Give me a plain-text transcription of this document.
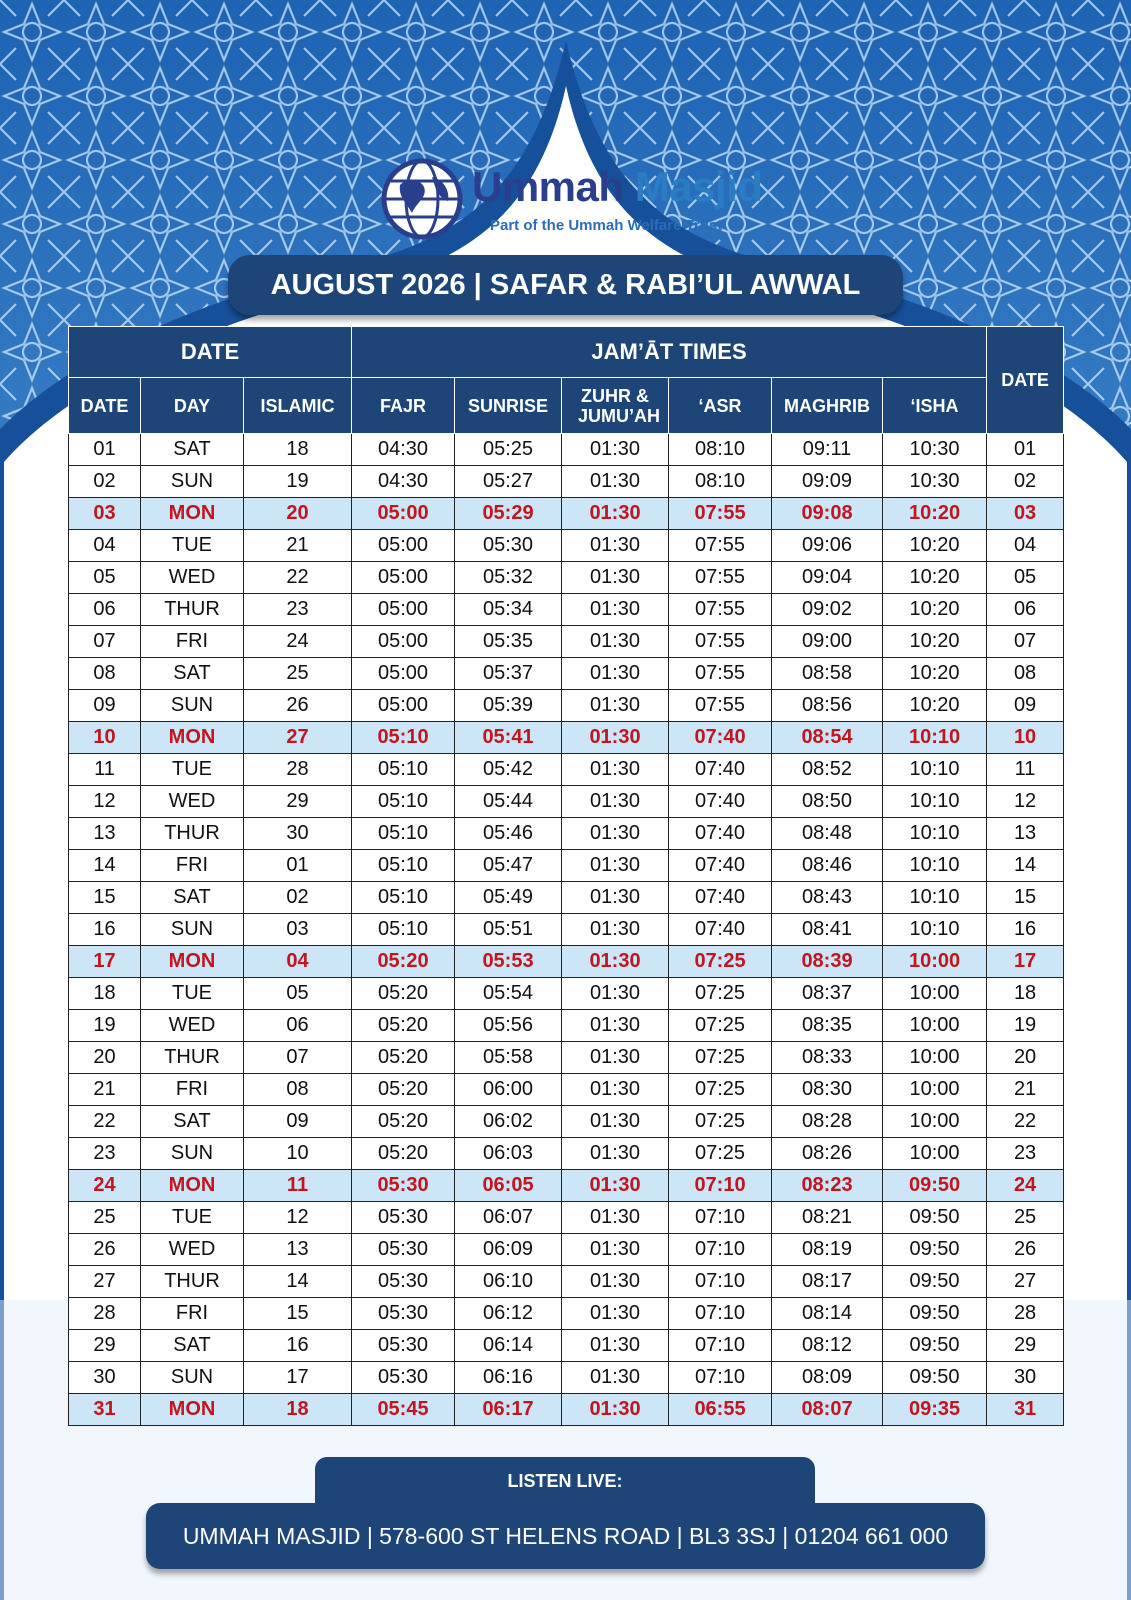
Ummah Masjid
Part of the Ummah Welfare Trust
AUGUST 2026 | SAFAR & RABI’UL AWWAL
DATE			JAM’ĀT TIMES						DATE
DATE	DAY	ISLAMIC	FAJR	SUNRISE	ZUHR & JUMU’AH	‘ASR	MAGHRIB	‘ISHA	
01	SAT	18	04:30	05:25	01:30	08:10	09:11	10:30	01
02	SUN	19	04:30	05:27	01:30	08:10	09:09	10:30	02
03	MON	20	05:00	05:29	01:30	07:55	09:08	10:20	03
04	TUE	21	05:00	05:30	01:30	07:55	09:06	10:20	04
05	WED	22	05:00	05:32	01:30	07:55	09:04	10:20	05
06	THUR	23	05:00	05:34	01:30	07:55	09:02	10:20	06
07	FRI	24	05:00	05:35	01:30	07:55	09:00	10:20	07
08	SAT	25	05:00	05:37	01:30	07:55	08:58	10:20	08
09	SUN	26	05:00	05:39	01:30	07:55	08:56	10:20	09
10	MON	27	05:10	05:41	01:30	07:40	08:54	10:10	10
11	TUE	28	05:10	05:42	01:30	07:40	08:52	10:10	11
12	WED	29	05:10	05:44	01:30	07:40	08:50	10:10	12
13	THUR	30	05:10	05:46	01:30	07:40	08:48	10:10	13
14	FRI	01	05:10	05:47	01:30	07:40	08:46	10:10	14
15	SAT	02	05:10	05:49	01:30	07:40	08:43	10:10	15
16	SUN	03	05:10	05:51	01:30	07:40	08:41	10:10	16
17	MON	04	05:20	05:53	01:30	07:25	08:39	10:00	17
18	TUE	05	05:20	05:54	01:30	07:25	08:37	10:00	18
19	WED	06	05:20	05:56	01:30	07:25	08:35	10:00	19
20	THUR	07	05:20	05:58	01:30	07:25	08:33	10:00	20
21	FRI	08	05:20	06:00	01:30	07:25	08:30	10:00	21
22	SAT	09	05:20	06:02	01:30	07:25	08:28	10:00	22
23	SUN	10	05:20	06:03	01:30	07:25	08:26	10:00	23
24	MON	11	05:30	06:05	01:30	07:10	08:23	09:50	24
25	TUE	12	05:30	06:07	01:30	07:10	08:21	09:50	25
26	WED	13	05:30	06:09	01:30	07:10	08:19	09:50	26
27	THUR	14	05:30	06:10	01:30	07:10	08:17	09:50	27
28	FRI	15	05:30	06:12	01:30	07:10	08:14	09:50	28
29	SAT	16	05:30	06:14	01:30	07:10	08:12	09:50	29
30	SUN	17	05:30	06:16	01:30	07:10	08:09	09:50	30
31	MON	18	05:45	06:17	01:30	06:55	08:07	09:35	31
LISTEN LIVE:
UMMAH MASJID | 578-600 ST HELENS ROAD | BL3 3SJ | 01204 661 000
